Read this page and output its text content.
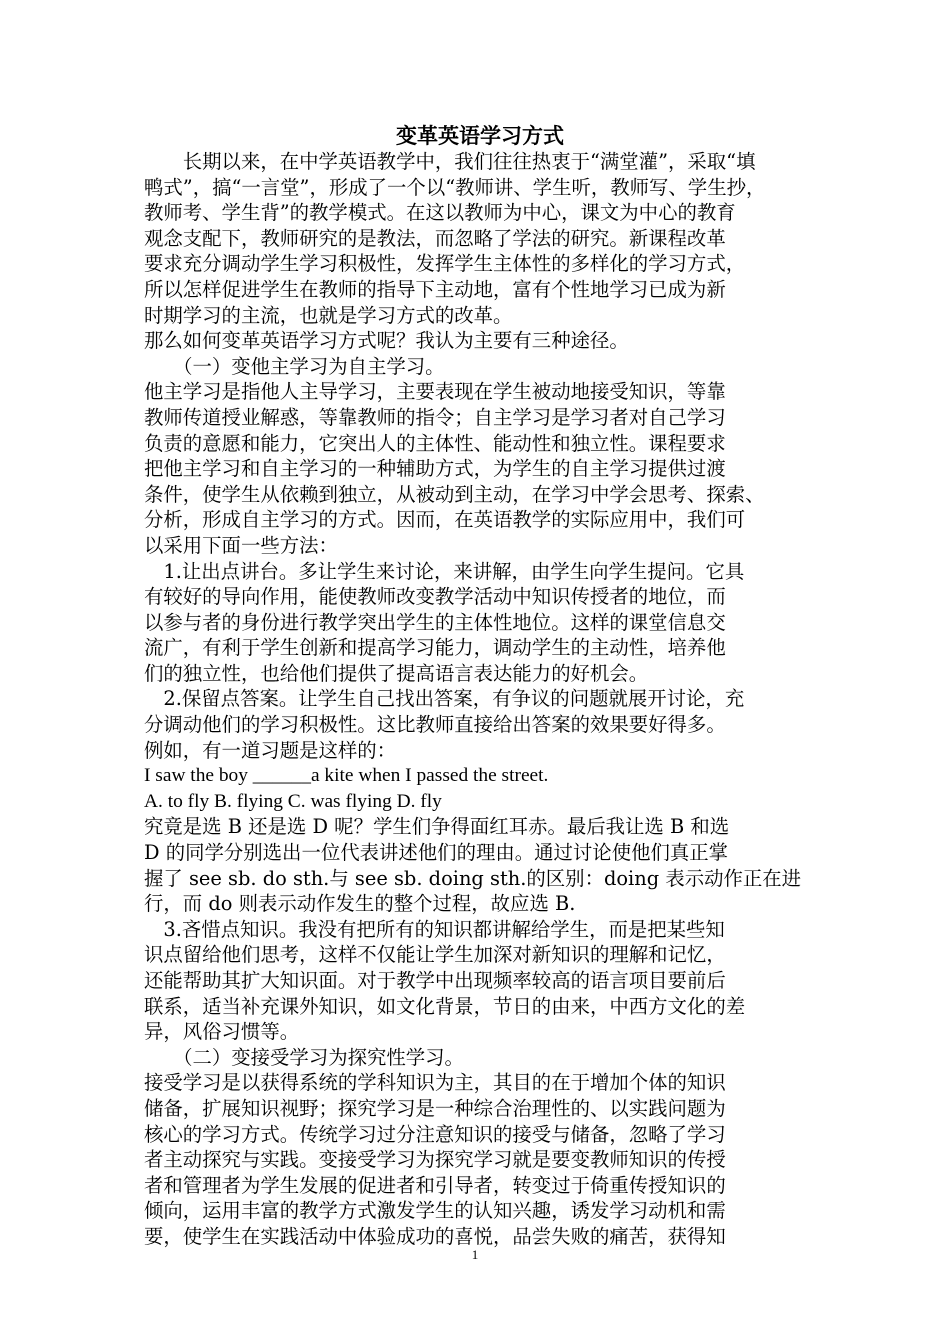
变革英语学习方式
　　长期以来，在中学英语教学中，我们往往热衷于“满堂灌”，采取“填
鸭式”，搞“一言堂”，形成了一个以“教师讲、学生听，教师写、学生抄，
教师考、学生背”的教学模式。在这以教师为中心，课文为中心的教育
观念支配下，教师研究的是教法，而忽略了学法的研究。新课程改革
要求充分调动学生学习积极性，发挥学生主体性的多样化的学习方式，
所以怎样促进学生在教师的指导下主动地，富有个性地学习已成为新
时期学习的主流，也就是学习方式的改革。
那么如何变革英语学习方式呢？我认为主要有三种途径。
　　（一）变他主学习为自主学习。
他主学习是指他人主导学习，主要表现在学生被动地接受知识，等靠
教师传道授业解惑，等靠教师的指令；自主学习是学习者对自己学习
负责的意愿和能力，它突出人的主体性、能动性和独立性。课程要求
把他主学习和自主学习的一种辅助方式，为学生的自主学习提供过渡
条件，使学生从依赖到独立，从被动到主动，在学习中学会思考、探索、
分析，形成自主学习的方式。因而，在英语教学的实际应用中，我们可
以采用下面一些方法：
　1.让出点讲台。多让学生来讨论，来讲解，由学生向学生提问。它具
有较好的导向作用，能使教师改变教学活动中知识传授者的地位，而
以参与者的身份进行教学突出学生的主体性地位。这样的课堂信息交
流广，有利于学生创新和提高学习能力，调动学生的主动性，培养他
们的独立性，也给他们提供了提高语言表达能力的好机会。
　2.保留点答案。让学生自己找出答案，有争议的问题就展开讨论，充
分调动他们的学习积极性。这比教师直接给出答案的效果要好得多。
例如，有一道习题是这样的：
I saw the boy ______a kite when I passed the street.
A. to fly B. flying C. was flying D. fly
究竟是选 B 还是选 D 呢？学生们争得面红耳赤。最后我让选 B 和选
D 的同学分别选出一位代表讲述他们的理由。通过讨论使他们真正掌
握了 see sb. do sth.与 see sb. doing sth.的区别：doing 表示动作正在进
行，而 do 则表示动作发生的整个过程，故应选 B.
　3.吝惜点知识。我没有把所有的知识都讲解给学生，而是把某些知
识点留给他们思考，这样不仅能让学生加深对新知识的理解和记忆，
还能帮助其扩大知识面。对于教学中出现频率较高的语言项目要前后
联系，适当补充课外知识，如文化背景，节日的由来，中西方文化的差
异，风俗习惯等。
　　（二）变接受学习为探究性学习。
接受学习是以获得系统的学科知识为主，其目的在于增加个体的知识
储备，扩展知识视野；探究学习是一种综合治理性的、以实践问题为
核心的学习方式。传统学习过分注意知识的接受与储备，忽略了学习
者主动探究与实践。变接受学习为探究学习就是要变教师知识的传授
者和管理者为学生发展的促进者和引导者，转变过于倚重传授知识的
倾向，运用丰富的教学方式激发学生的认知兴趣，诱发学习动机和需
要，使学生在实践活动中体验成功的喜悦，品尝失败的痛苦，获得知
1
